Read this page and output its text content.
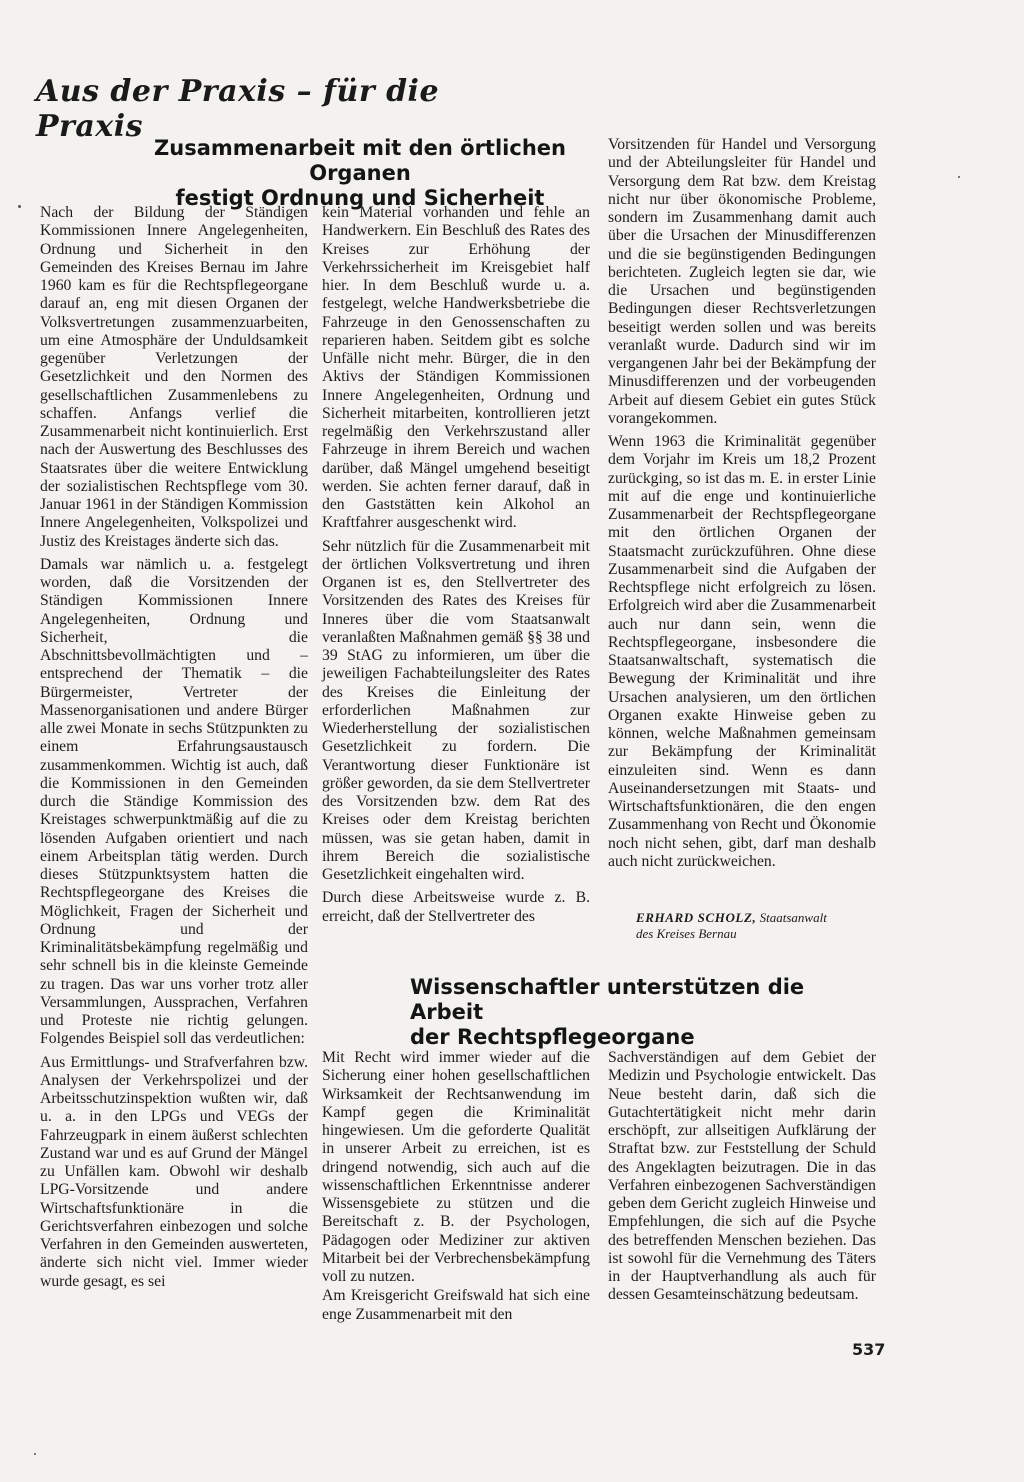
Aus der Praxis – für die Praxis
Zusammenarbeit mit den örtlichen Organen
festigt Ordnung und Sicherheit

Nach der Bildung der Ständigen Kommissionen Innere Angelegenheiten, Ordnung und Sicherheit in den Gemeinden des Kreises Bernau im Jahre 1960 kam es für die Rechtspflegeorgane darauf an, eng mit diesen Organen der Volksvertretungen zusammenzuarbeiten, um eine Atmosphäre der Unduldsamkeit gegenüber Verletzungen der Gesetzlichkeit und den Normen des gesellschaftlichen Zusammenlebens zu schaffen. Anfangs verlief die Zusammenarbeit nicht kontinuierlich. Erst nach der Auswertung des Beschlusses des Staatsrates über die weitere Entwicklung der sozialistischen Rechtspflege vom 30. Januar 1961 in der Ständigen Kommission Innere Angelegenheiten, Volkspolizei und Justiz des Kreistages änderte sich das.

Damals war nämlich u. a. festgelegt worden, daß die Vorsitzenden der Ständigen Kommissionen Innere Angelegenheiten, Ordnung und Sicherheit, die Abschnittsbevollmächtigten und – entsprechend der Thematik – die Bürgermeister, Vertreter der Massenorganisationen und andere Bürger alle zwei Monate in sechs Stützpunkten zu einem Erfahrungsaustausch zusammenkommen. Wichtig ist auch, daß die Kommissionen in den Gemeinden durch die Ständige Kommission des Kreistages schwerpunktmäßig auf die zu lösenden Aufgaben orientiert und nach einem Arbeitsplan tätig werden. Durch dieses Stützpunktsystem hatten die Rechtspflegeorgane des Kreises die Möglichkeit, Fragen der Sicherheit und Ordnung und der Kriminalitätsbekämpfung regelmäßig und sehr schnell bis in die kleinste Gemeinde zu tragen. Das war uns vorher trotz aller Versammlungen, Aussprachen, Verfahren und Proteste nie richtig gelungen. Folgendes Beispiel soll das verdeutlichen:

Aus Ermittlungs- und Strafverfahren bzw. Analysen der Verkehrspolizei und der Arbeitsschutzinspektion wußten wir, daß u. a. in den LPGs und VEGs der Fahrzeugpark in einem äußerst schlechten Zustand war und es auf Grund der Mängel zu Unfällen kam. Obwohl wir deshalb LPG-Vorsitzende und andere Wirtschaftsfunktionäre in die Gerichtsverfahren einbezogen und solche Verfahren in den Gemeinden auswerteten, änderte sich nicht viel. Immer wieder wurde gesagt, es sei

kein Material vorhanden und fehle an Handwerkern. Ein Beschluß des Rates des Kreises zur Erhöhung der Verkehrssicherheit im Kreisgebiet half hier. In dem Beschluß wurde u. a. festgelegt, welche Handwerksbetriebe die Fahrzeuge in den Genossenschaften zu reparieren haben. Seitdem gibt es solche Unfälle nicht mehr. Bürger, die in den Aktivs der Ständigen Kommissionen Innere Angelegenheiten, Ordnung und Sicherheit mitarbeiten, kontrollieren jetzt regelmäßig den Verkehrszustand aller Fahrzeuge in ihrem Bereich und wachen darüber, daß Mängel umgehend beseitigt werden. Sie achten ferner darauf, daß in den Gaststätten kein Alkohol an Kraftfahrer ausgeschenkt wird.

Sehr nützlich für die Zusammenarbeit mit der örtlichen Volksvertretung und ihren Organen ist es, den Stellvertreter des Vorsitzenden des Rates des Kreises für Inneres über die vom Staatsanwalt veranlaßten Maßnahmen gemäß §§ 38 und 39 StAG zu informieren, um über die jeweiligen Fachabteilungsleiter des Rates des Kreises die Einleitung der erforderlichen Maßnahmen zur Wiederherstellung der sozialistischen Gesetzlichkeit zu fordern. Die Verantwortung dieser Funktionäre ist größer geworden, da sie dem Stellvertreter des Vorsitzenden bzw. dem Rat des Kreises oder dem Kreistag berichten müssen, was sie getan haben, damit in ihrem Bereich die sozialistische Gesetzlichkeit eingehalten wird.

Durch diese Arbeitsweise wurde z. B. erreicht, daß der Stellvertreter des

Vorsitzenden für Handel und Versorgung und der Abteilungsleiter für Handel und Versorgung dem Rat bzw. dem Kreistag nicht nur über ökonomische Probleme, sondern im Zusammenhang damit auch über die Ursachen der Minusdifferenzen und die sie begünstigenden Bedingungen berichteten. Zugleich legten sie dar, wie die Ursachen und begünstigenden Bedingungen dieser Rechtsverletzungen beseitigt werden sollen und was bereits veranlaßt wurde. Dadurch sind wir im vergangenen Jahr bei der Bekämpfung der Minusdifferenzen und der vorbeugenden Arbeit auf diesem Gebiet ein gutes Stück vorangekommen.

Wenn 1963 die Kriminalität gegenüber dem Vorjahr im Kreis um 18,2 Prozent zurückging, so ist das m. E. in erster Linie mit auf die enge und kontinuierliche Zusammenarbeit der Rechtspflegeorgane mit den örtlichen Organen der Staatsmacht zurückzuführen. Ohne diese Zusammenarbeit sind die Aufgaben der Rechtspflege nicht erfolgreich zu lösen. Erfolgreich wird aber die Zusammenarbeit auch nur dann sein, wenn die Rechtspflegeorgane, insbesondere die Staatsanwaltschaft, systematisch die Bewegung der Kriminalität und ihre Ursachen analysieren, um den örtlichen Organen exakte Hinweise geben zu können, welche Maßnahmen gemeinsam zur Bekämpfung der Kriminalität einzuleiten sind. Wenn es dann Auseinandersetzungen mit Staats- und Wirtschaftsfunktionären, die den engen Zusammenhang von Recht und Ökonomie noch nicht sehen, gibt, darf man deshalb auch nicht zurückweichen.

ERHARD SCHOLZ, Staatsanwalt
des Kreises Bernau
Wissenschaftler unterstützen die Arbeit
der Rechtspflegeorgane

Mit Recht wird immer wieder auf die Sicherung einer hohen gesellschaftlichen Wirksamkeit der Rechtsanwendung im Kampf gegen die Kriminalität hingewiesen. Um die geforderte Qualität in unserer Arbeit zu erreichen, ist es dringend notwendig, sich auch auf die wissenschaftlichen Erkenntnisse anderer Wissensgebiete zu stützen und die Bereitschaft z. B. der Psychologen, Pädagogen oder Mediziner zur aktiven Mitarbeit bei der Verbrechensbekämpfung voll zu nutzen.

Am Kreisgericht Greifswald hat sich eine enge Zusammenarbeit mit den

Sachverständigen auf dem Gebiet der Medizin und Psychologie entwickelt. Das Neue besteht darin, daß sich die Gutachtertätigkeit nicht mehr darin erschöpft, zur allseitigen Aufklärung der Straftat bzw. zur Feststellung der Schuld des Angeklagten beizutragen. Die in das Verfahren einbezogenen Sachverständigen geben dem Gericht zugleich Hinweise und Empfehlungen, die sich auf die Psyche des betreffenden Menschen beziehen. Das ist sowohl für die Vernehmung des Täters in der Hauptverhandlung als auch für dessen Gesamteinschätzung bedeutsam.

537
